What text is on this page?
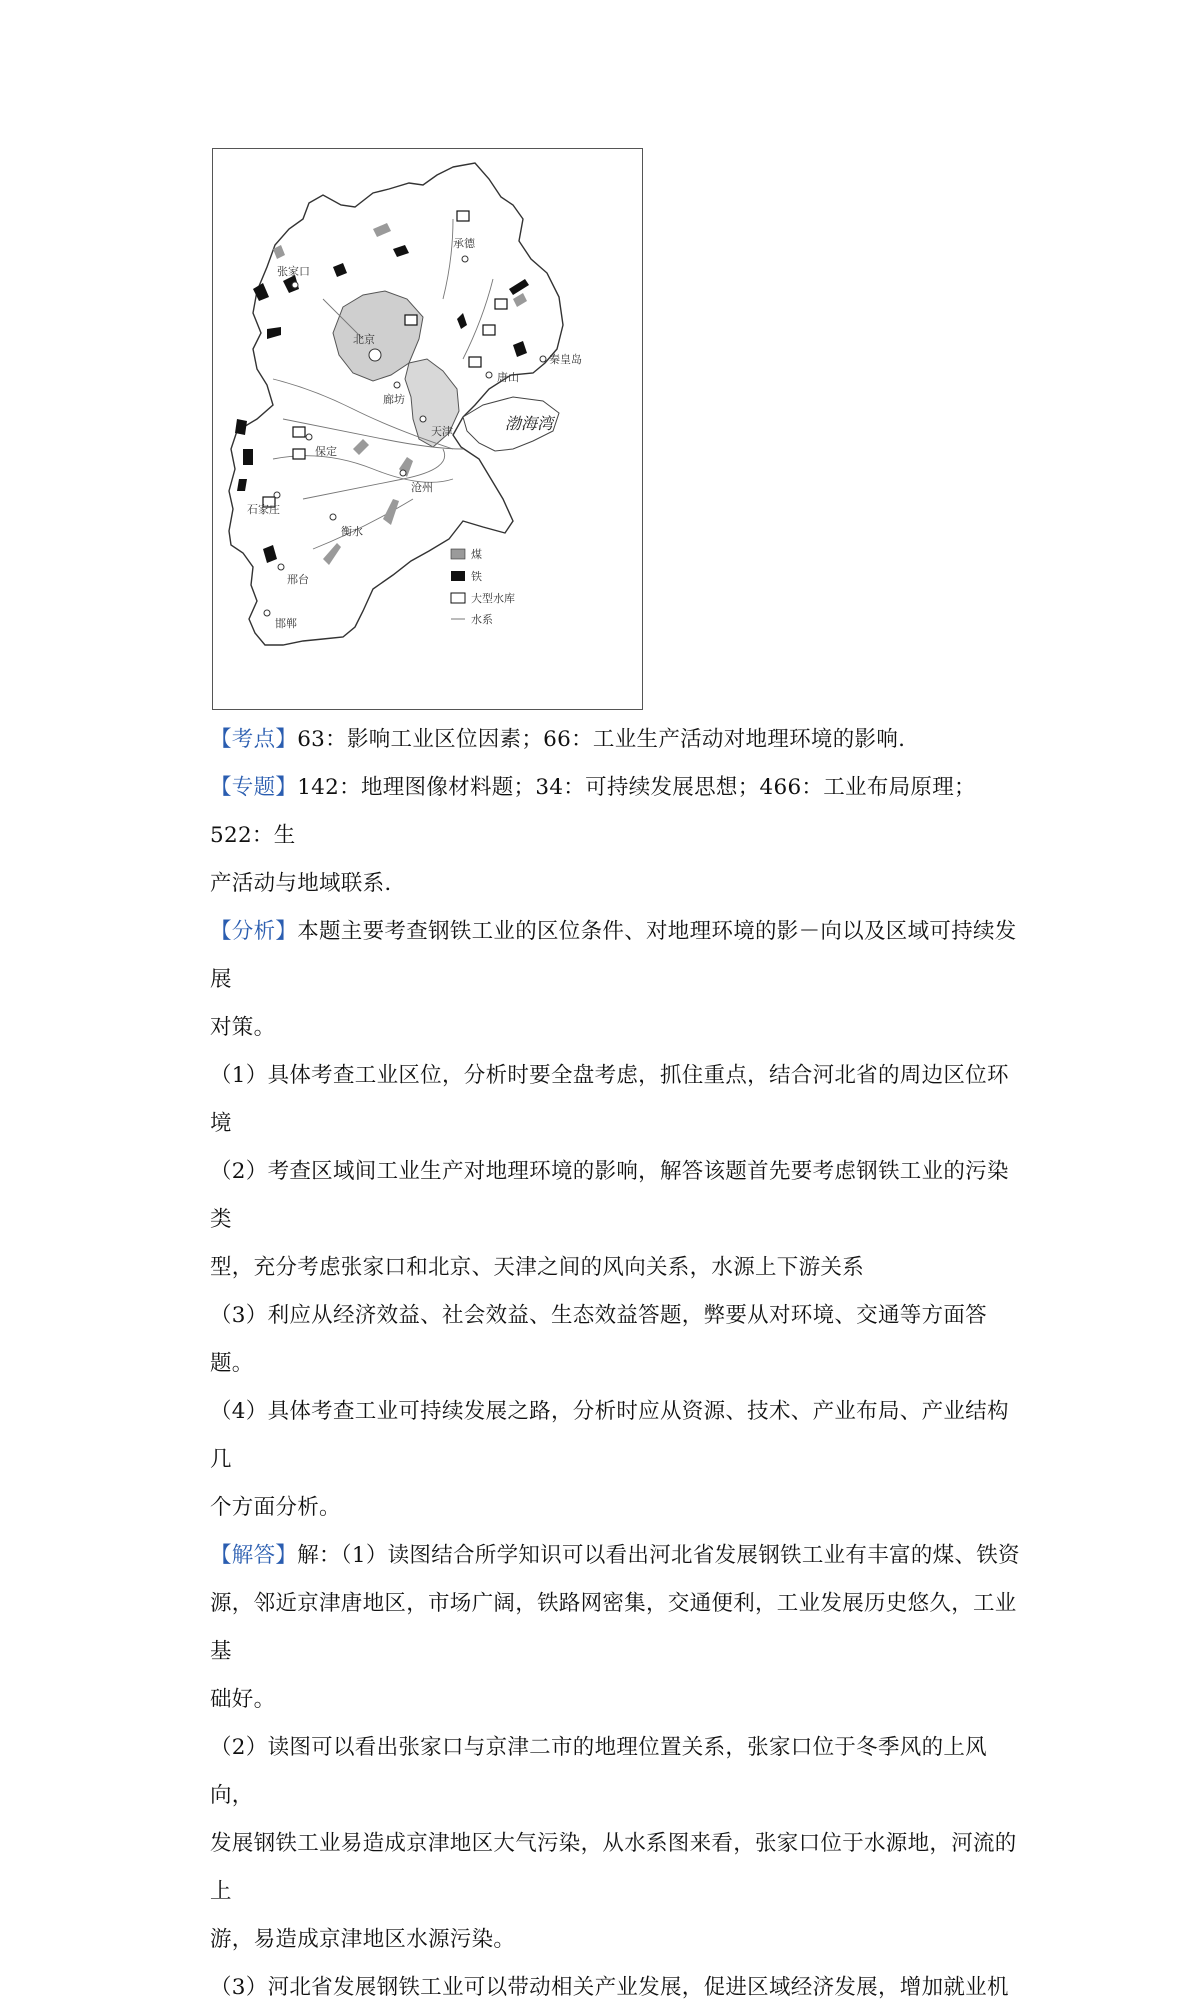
承德
张家口
北京
秦皇岛
唐山
廊坊
天津
保定
沧州
石家庄
衡水
邢台
邯郸
渤海湾
煤
铁
大型水库
水系

【考点】63：影响工业区位因素；66：工业生产活动对地理环境的影响.

【专题】142：地理图像材料题；34：可持续发展思想；466：工业布局原理；522：生

产活动与地域联系.

【分析】本题主要考查钢铁工业的区位条件、对地理环境的影－向以及区域可持续发展

对策。

（1）具体考查工业区位，分析时要全盘考虑，抓住重点，结合河北省的周边区位环境

（2）考查区域间工业生产对地理环境的影响，解答该题首先要考虑钢铁工业的污染类

型，充分考虑张家口和北京、天津之间的风向关系，水源上下游关系

（3）利应从经济效益、社会效益、生态效益答题，弊要从对环境、交通等方面答题。

（4）具体考查工业可持续发展之路，分析时应从资源、技术、产业布局、产业结构几

个方面分析。

【解答】解：（1）读图结合所学知识可以看出河北省发展钢铁工业有丰富的煤、铁资

源，邻近京津唐地区，市场广阔，铁路网密集，交通便利，工业发展历史悠久，工业基

础好。

（2）读图可以看出张家口与京津二市的地理位置关系，张家口位于冬季风的上风向，

发展钢铁工业易造成京津地区大气污染，从水系图来看，张家口位于水源地，河流的上

游，易造成京津地区水源污染。

（3）河北省发展钢铁工业可以带动相关产业发展，促进区域经济发展，增加就业机
